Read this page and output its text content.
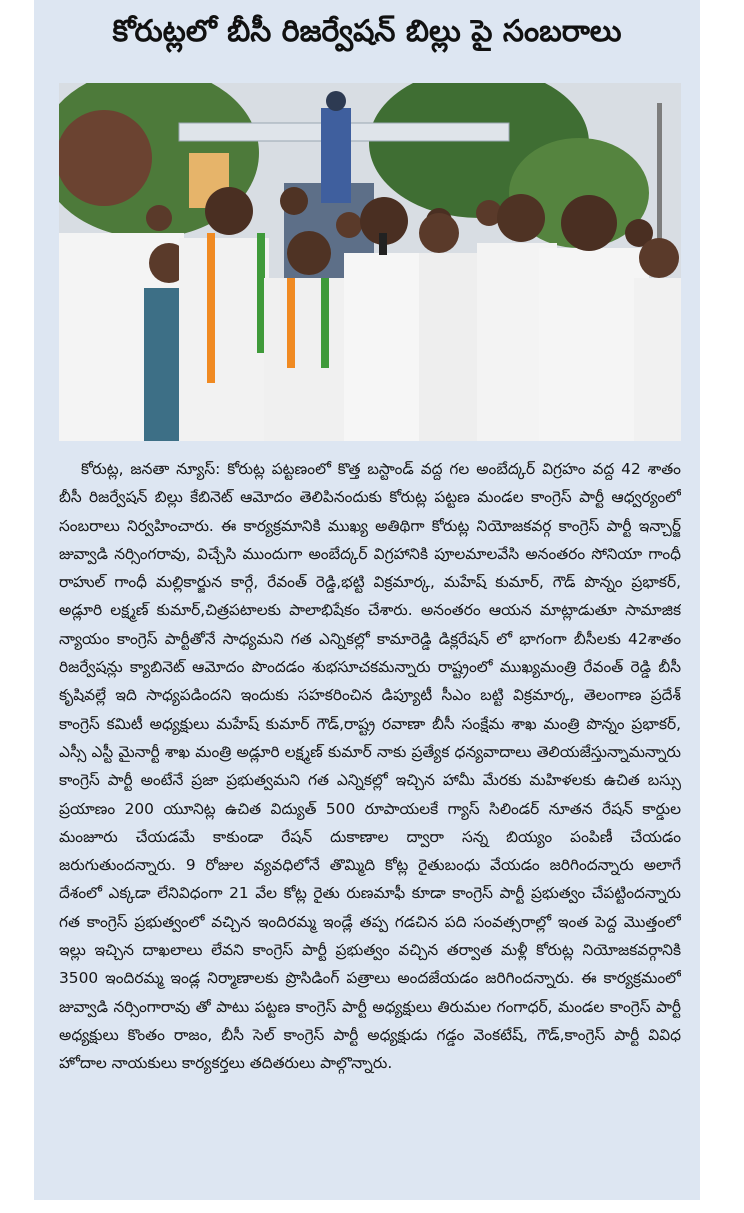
కోరుట్లలో బీసీ రిజర్వేషన్ బిల్లు పై సంబరాలు

కోరుట్ల, జనతా న్యూస్: కోరుట్ల పట్టణంలో కొత్త బస్టాండ్ వద్ద గల అంబేద్కర్ విగ్రహం వద్ద 42 శాతం బీసీ రిజర్వేషన్ బిల్లు కేబినెట్ ఆమోదం తెలిపినందుకు కోరుట్ల పట్టణ మండల కాంగ్రెస్ పార్టీ ఆధ్వర్యంలో సంబరాలు నిర్వహించారు. ఈ కార్యక్రమానికి ముఖ్య అతిథిగా కోరుట్ల నియోజకవర్గ కాంగ్రెస్ పార్టీ ఇన్చార్జ్ జువ్వాడి నర్సింగరావు, విచ్చేసి ముందుగా అంబేద్కర్ విగ్రహానికి పూలమాలవేసి అనంతరం సోనియా గాంధీ రాహుల్ గాంధీ మల్లికార్జున కార్గే, రేవంత్ రెడ్డి,భట్టి విక్రమార్క, మహేష్ కుమార్, గౌడ్ పొన్నం ప్రభాకర్, అడ్లూరి లక్ష్మణ్ కుమార్,చిత్రపటాలకు పాలాభిషేకం చేశారు. అనంతరం ఆయన మాట్లాడుతూ సామాజిక న్యాయం కాంగ్రెస్ పార్టీతోనే సాధ్యమని గత ఎన్నికల్లో కామారెడ్డి డిక్లరేషన్ లో భాగంగా బీసీలకు 42శాతం రిజర్వేషన్లు క్యాబినెట్ ఆమోదం పొందడం శుభసూచకమన్నారు రాష్ట్రంలో ముఖ్యమంత్రి రేవంత్ రెడ్డి బీసీ కృషివల్లే ఇది సాధ్యపడిందని ఇందుకు సహకరించిన డిప్యూటీ సీఎం బట్టి విక్రమార్క, తెలంగాణ ప్రదేశ్ కాంగ్రెస్ కమిటీ అధ్యక్షులు మహేష్ కుమార్ గౌడ్,రాష్ట్ర రవాణా బీసీ సంక్షేమ శాఖ మంత్రి పొన్నం ప్రభాకర్, ఎస్సీ ఎస్టీ మైనార్టీ శాఖ మంత్రి అడ్లూరి లక్ష్మణ్ కుమార్ నాకు ప్రత్యేక ధన్యవాదాలు తెలియజేస్తున్నామన్నారు కాంగ్రెస్ పార్టీ అంటేనే ప్రజా ప్రభుత్వమని గత ఎన్నికల్లో ఇచ్చిన హామీ మేరకు మహిళలకు ఉచిత బస్సు ప్రయాణం 200 యూనిట్ల ఉచిత విద్యుత్ 500 రూపాయలకే గ్యాస్ సిలిండర్ నూతన రేషన్ కార్డుల మంజూరు చేయడమే కాకుండా రేషన్ దుకాణాల ద్వారా సన్న బియ్యం పంపిణీ చేయడం జరుగుతుందన్నారు. 9 రోజుల వ్యవధిలోనే తొమ్మిది కోట్ల రైతుబంధు వేయడం జరిగిందన్నారు అలాగే దేశంలో ఎక్కడా లేనివిధంగా 21 వేల కోట్ల రైతు రుణమాఫీ కూడా కాంగ్రెస్ పార్టీ ప్రభుత్వం చేపట్టిందన్నారు గత కాంగ్రెస్ ప్రభుత్వంలో వచ్చిన ఇందిరమ్మ ఇండ్లే తప్ప గడచిన పది సంవత్సరాల్లో ఇంత పెద్ద మొత్తంలో ఇల్లు ఇచ్చిన దాఖలాలు లేవని కాంగ్రెస్ పార్టీ ప్రభుత్వం వచ్చిన తర్వాత మళ్లీ కోరుట్ల నియోజకవర్గానికి 3500 ఇందిరమ్మ ఇండ్ల నిర్మాణాలకు ప్రొసిడింగ్ పత్రాలు అందజేయడం జరిగిందన్నారు. ఈ కార్యక్రమంలో జువ్వాడి నర్సింగారావు తో పాటు పట్టణ కాంగ్రెస్ పార్టీ అధ్యక్షులు తిరుమల గంగాధర్, మండల కాంగ్రెస్ పార్టీ అధ్యక్షులు కొంతం రాజం, బీసీ సెల్ కాంగ్రెస్ పార్టీ అధ్యక్షుడు గడ్డం వెంకటేష్, గౌడ్,కాంగ్రెస్ పార్టీ వివిధ హోదాల నాయకులు కార్యకర్తలు తదితరులు పాల్గొన్నారు.
